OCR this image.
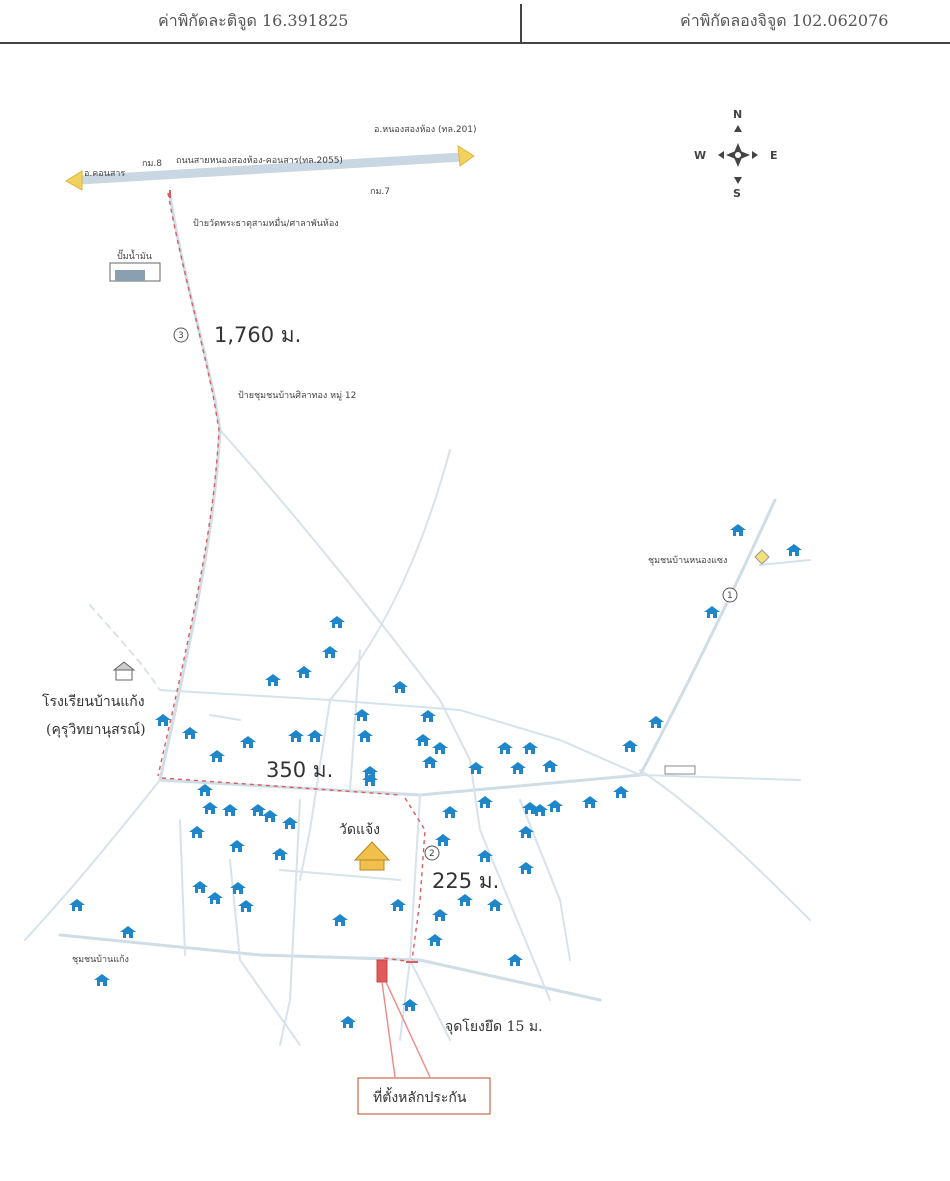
ค่าพิกัดละติจูด 16.391825	ค่าพิกัดลองจิจูด 102.062076
ถนนสายหนองสองห้อง-คอนสาร(ทล.2055)
อ.คอนสาร
อ.หนองสองห้อง (ทล.201)
กม.8
กม.7
ป้ายวัดพระธาตุสามหมื่น/ศาลาพันห้อง
ปั๊มน้ำมัน
3 1,760 ม.
ป้ายชุมชนบ้านศิลาทอง หมู่ 12
ชุมชนบ้านหนองแซง
1
โรงเรียนบ้านแก้ง
(คุรุวิทยานุสรณ์)
350 ม.
วัดแจ้ง
2
225 ม.
ชุมชนบ้านแก้ง
จุดโยงยึด 15 ม.
ที่ตั้งหลักประกัน
N
S
W	E
